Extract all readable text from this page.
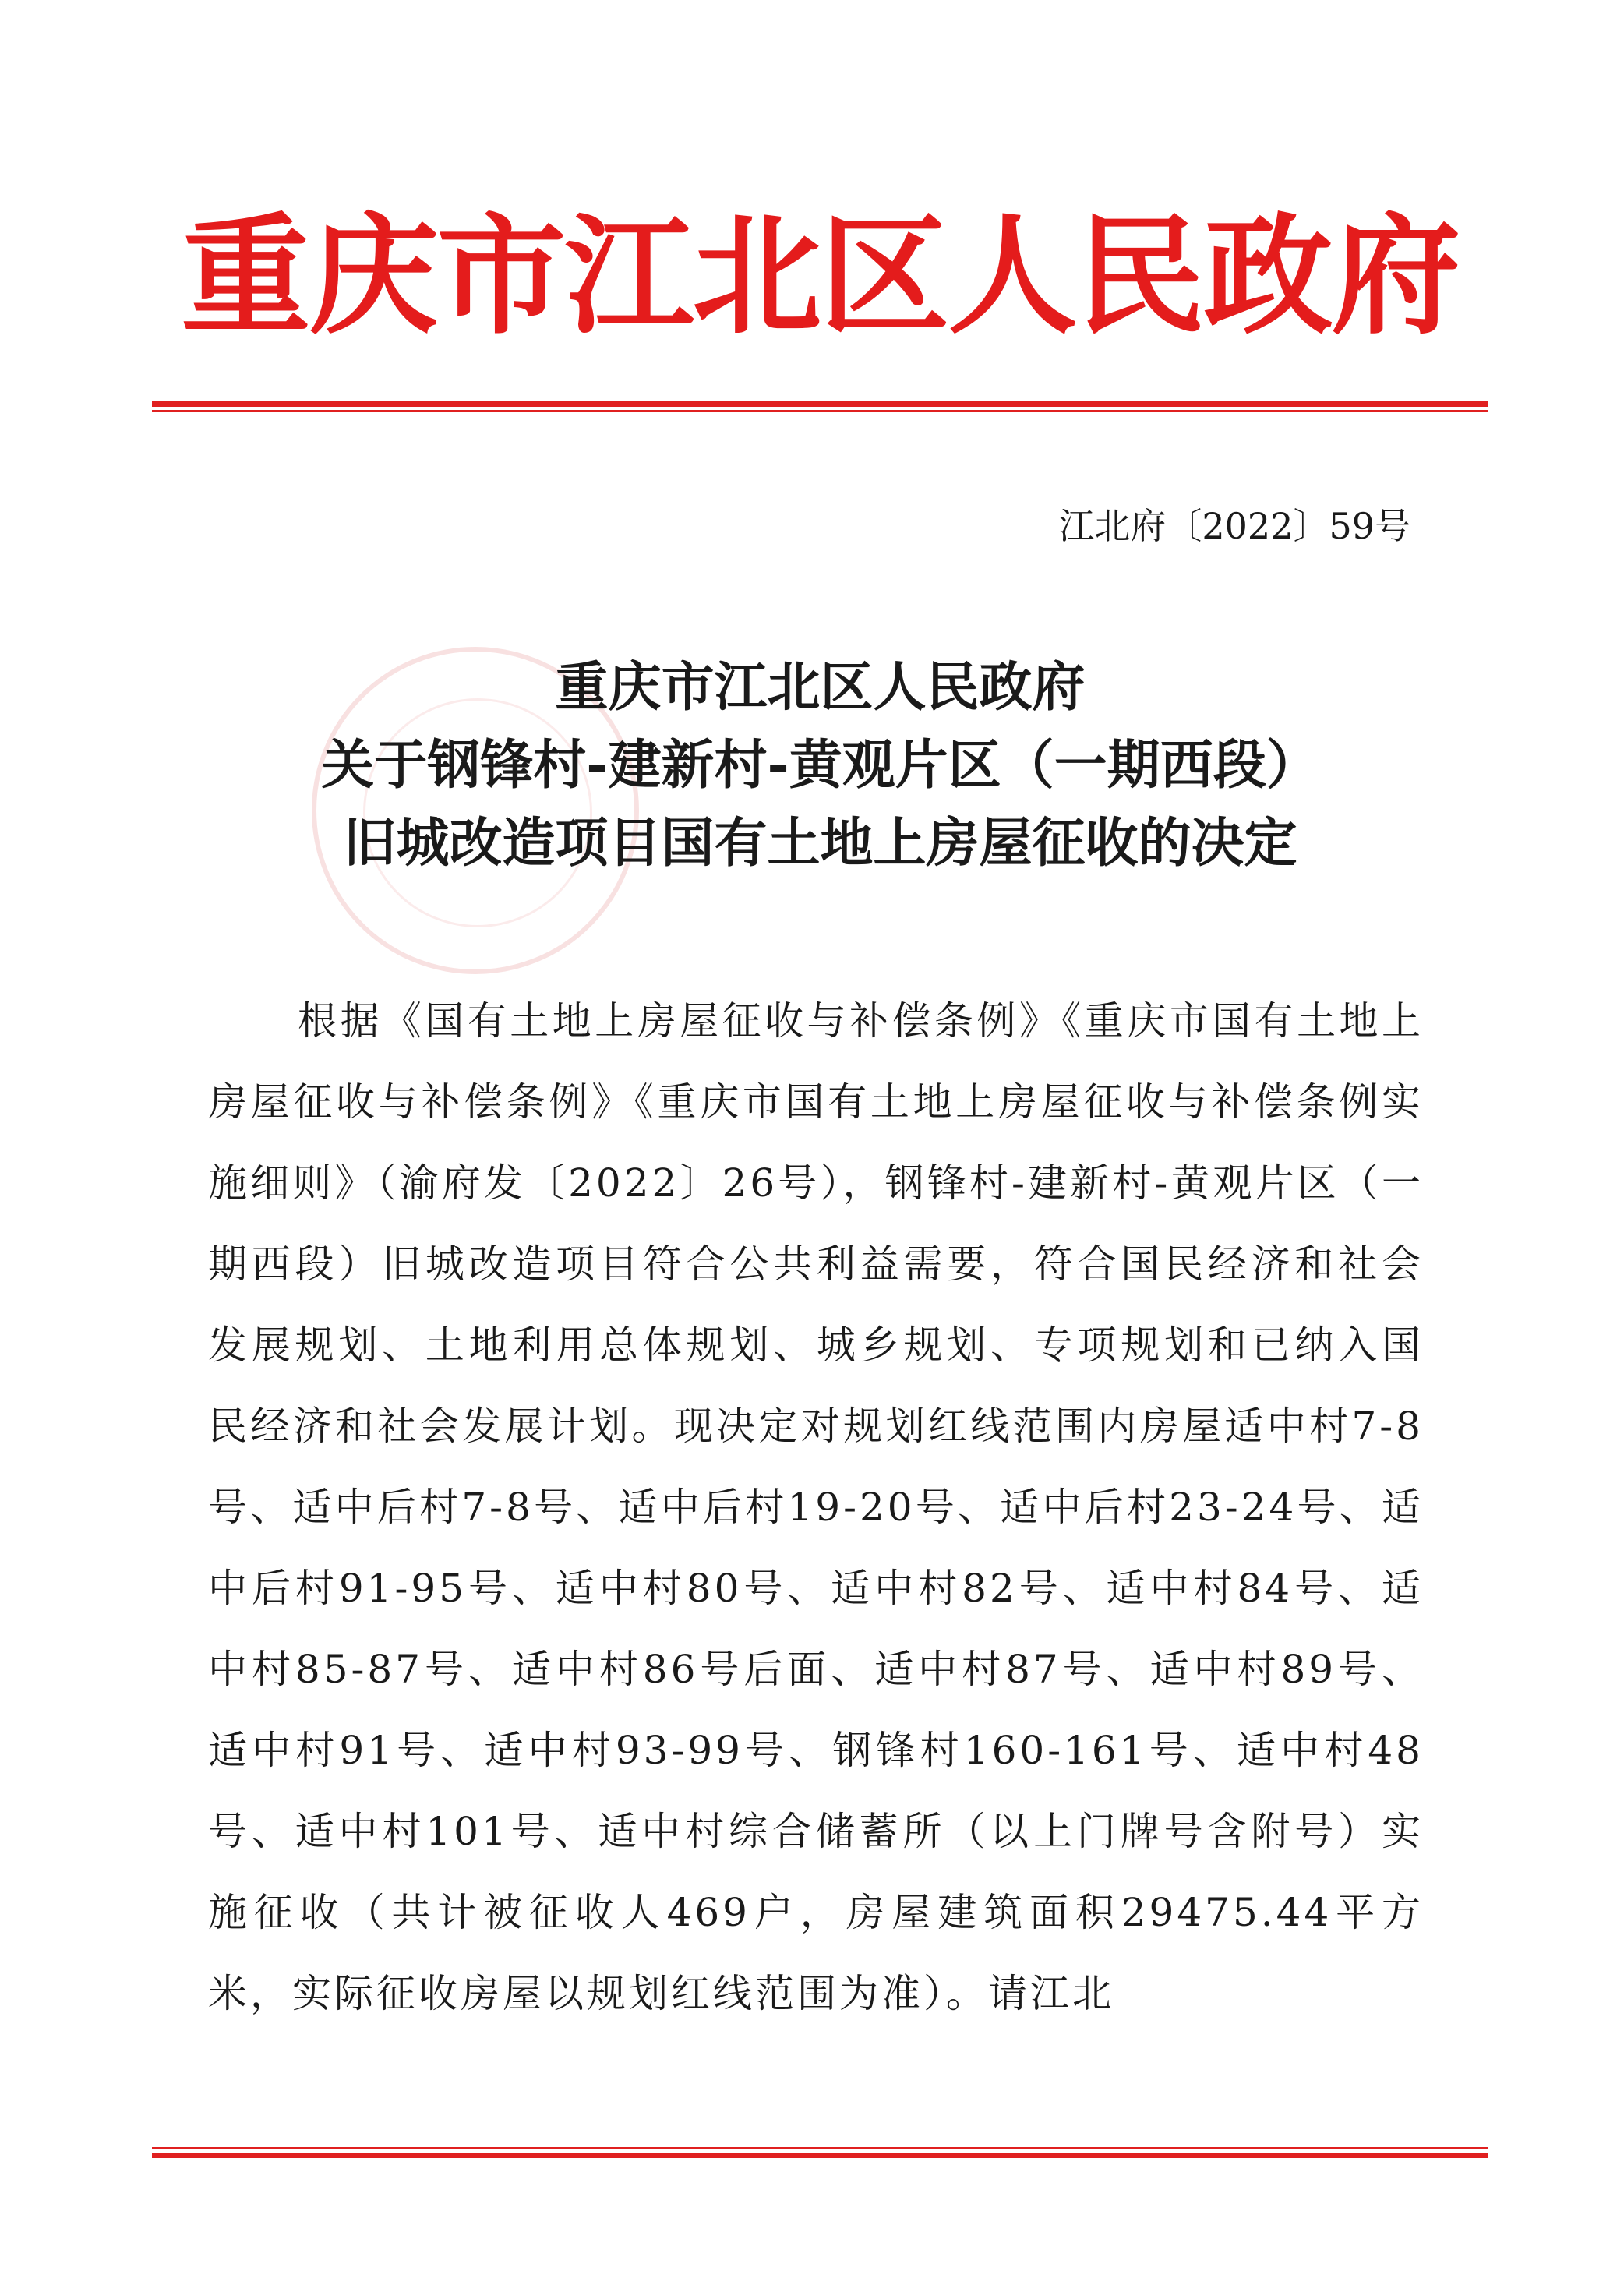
重庆市江北区人民政府
江北府〔2022〕59号
重庆市江北区人民政府
关于钢锋村-建新村-黄观片区（一期西段）
旧城改造项目国有土地上房屋征收的决定
根据《国有土地上房屋征收与补偿条例》《重庆市国有土地上房屋征收与补偿条例》《重庆市国有土地上房屋征收与补偿条例实施细则》（渝府发〔2022〕26号），钢锋村-建新村-黄观片区（一期西段）旧城改造项目符合公共利益需要，符合国民经济和社会发展规划、土地利用总体规划、城乡规划、专项规划和已纳入国民经济和社会发展计划。现决定对规划红线范围内房屋适中村7-8号、适中后村7-8号、适中后村19-20号、适中后村23-24号、适中后村91-95号、适中村80号、适中村82号、适中村84号、适中村85-87号、适中村86号后面、适中村87号、适中村89号、适中村91号、适中村93-99号、钢锋村160-161号、适中村48号、适中村101号、适中村综合储蓄所（以上门牌号含附号）实施征收（共计被征收人469户，房屋建筑面积29475.44平方米，实际征收房屋以规划红线范围为准）。请江北
